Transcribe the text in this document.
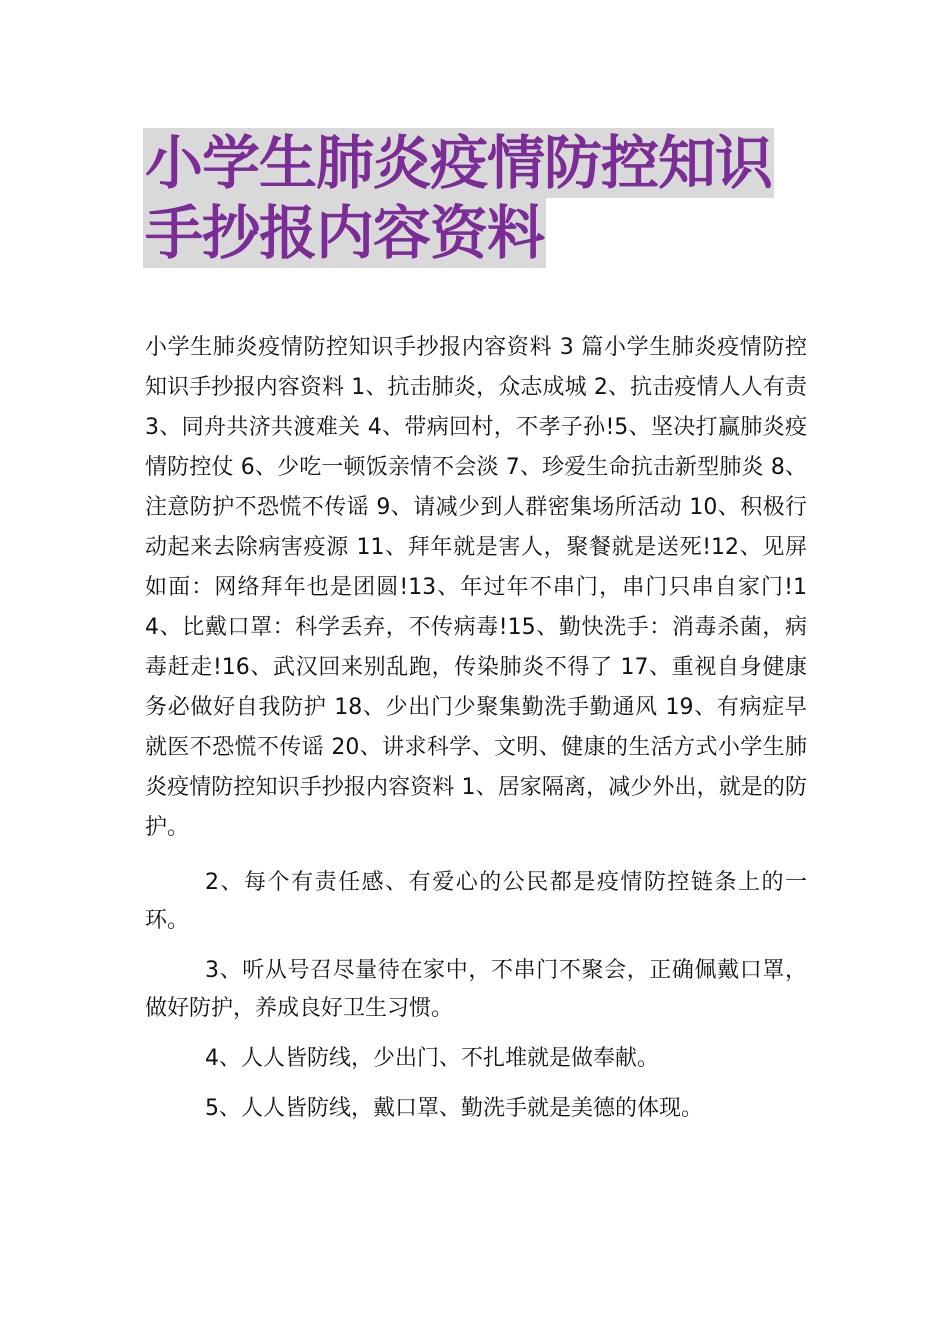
小学生肺炎疫情防控知识
手抄报内容资料

小学生肺炎疫情防控知识手抄报内容资料 3 篇小学生肺炎疫情防控知识手抄报内容资料 1、抗击肺炎，众志成城 2、抗击疫情人人有责 3、同舟共济共渡难关 4、带病回村，不孝子孙!5、坚决打赢肺炎疫情防控仗 6、少吃一顿饭亲情不会淡 7、珍爱生命抗击新型肺炎 8、注意防护不恐慌不传谣 9、请减少到人群密集场所活动 10、积极行动起来去除病害疫源 11、拜年就是害人，聚餐就是送死!12、见屏如面：网络拜年也是团圆!13、年过年不串门，串门只串自家门!14、比戴口罩：科学丢弃，不传病毒!15、勤快洗手：消毒杀菌，病毒赶走!16、武汉回来别乱跑，传染肺炎不得了 17、重视自身健康务必做好自我防护 18、少出门少聚集勤洗手勤通风 19、有病症早就医不恐慌不传谣 20、讲求科学、文明、健康的生活方式小学生肺炎疫情防控知识手抄报内容资料 1、居家隔离，减少外出，就是的防护。

2、每个有责任感、有爱心的公民都是疫情防控链条上的一环。

3、听从号召尽量待在家中，不串门不聚会，正确佩戴口罩，做好防护，养成良好卫生习惯。

4、人人皆防线，少出门、不扎堆就是做奉献。

5、人人皆防线，戴口罩、勤洗手就是美德的体现。
